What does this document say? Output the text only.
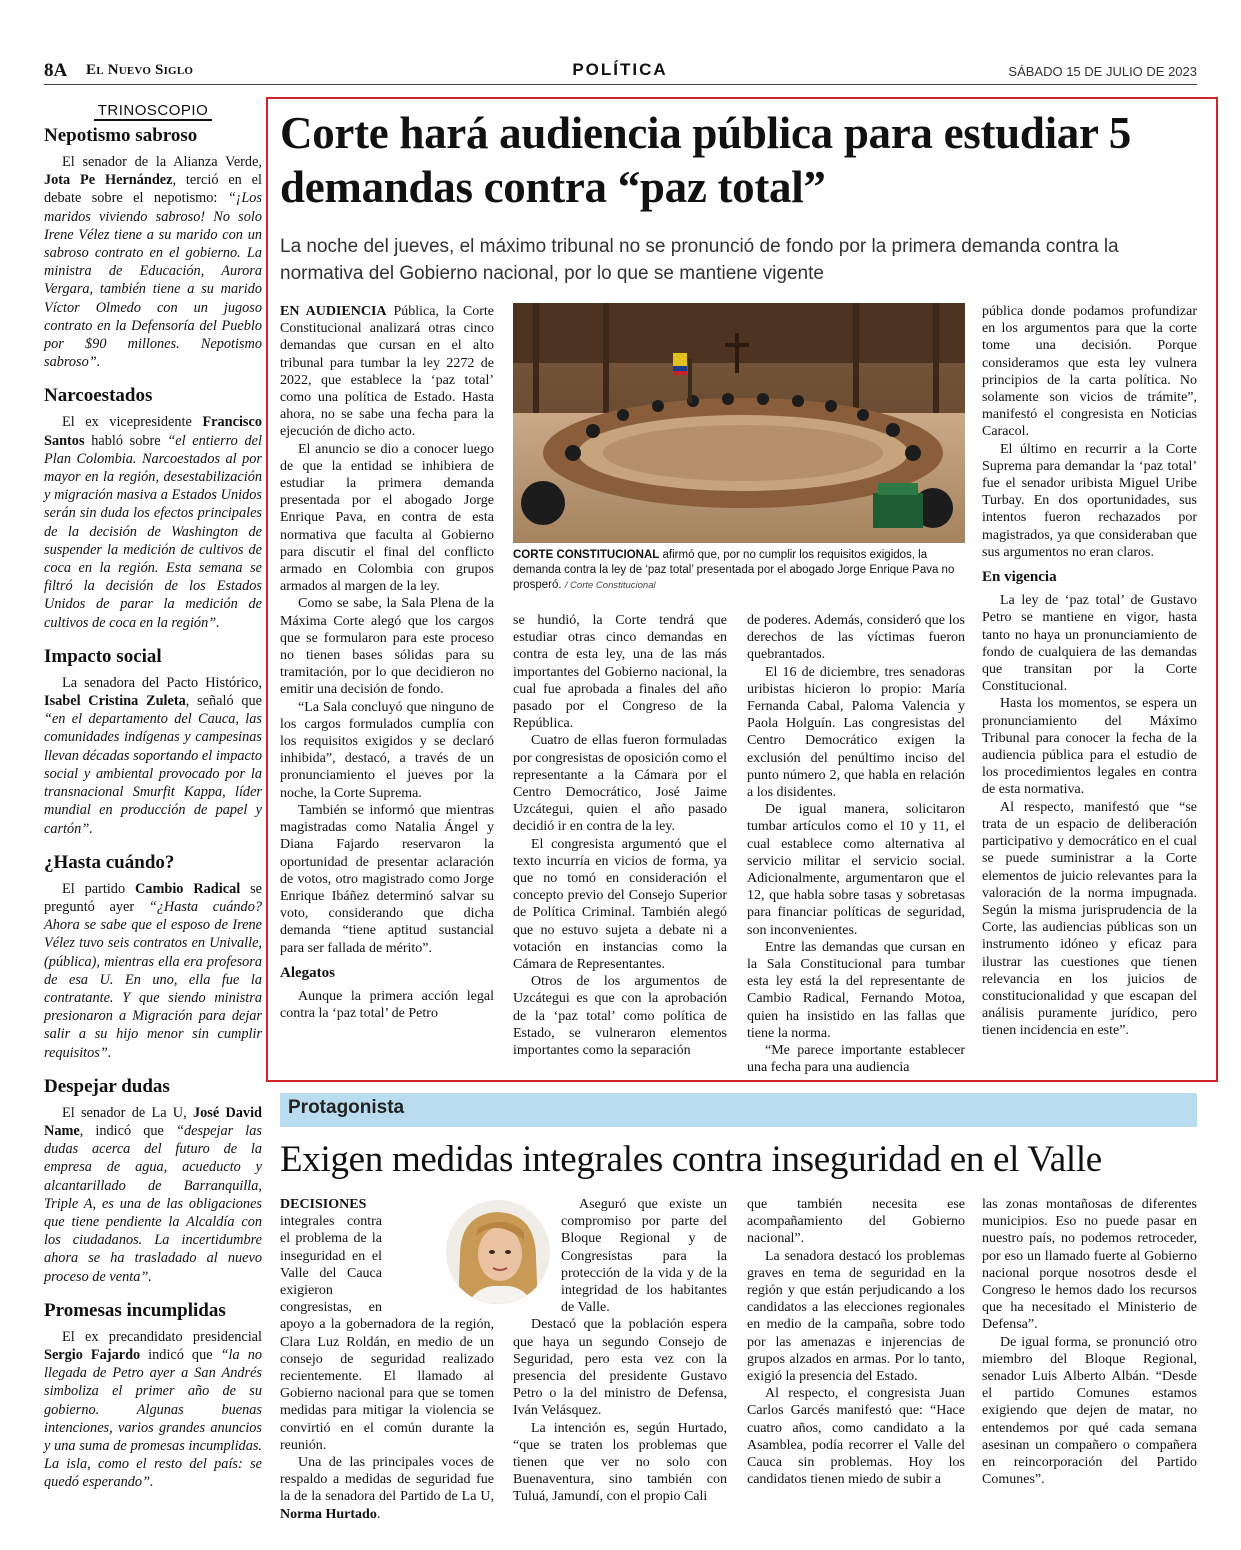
8A El Nuevo Siglo	POLÍTICA	SÁBADO 15 DE JULIO DE 2023
TRINOSCOPIO
Nepotismo sabroso
El senador de la Alianza Verde, Jota Pe Hernández, terció en el debate sobre el nepotismo: “¡Los maridos viviendo sabroso! No solo Irene Vélez tiene a su marido con un sabroso contrato en el gobierno. La ministra de Educación, Aurora Vergara, también tiene a su marido Víctor Olmedo con un jugoso contrato en la Defensoría del Pueblo por $90 millones. Nepotismo sabroso”.
Narcoestados
El ex vicepresidente Francisco Santos habló sobre “el entierro del Plan Colombia. Narcoestados al por mayor en la región, desestabilización y migración masiva a Estados Unidos serán sin duda los efectos principales de la decisión de Washington de suspender la medición de cultivos de coca en la región. Esta semana se filtró la decisión de los Estados Unidos de parar la medición de cultivos de coca en la región”.
Impacto social
La senadora del Pacto Histórico, Isabel Cristina Zuleta, señaló que “en el departamento del Cauca, las comunidades indígenas y campesinas llevan décadas soportando el impacto social y ambiental provocado por la transnacional Smurfit Kappa, líder mundial en producción de papel y cartón”.
¿Hasta cuándo?
El partido Cambio Radical se preguntó ayer “¿Hasta cuándo? Ahora se sabe que el esposo de Irene Vélez tuvo seis contratos en Univalle, (pública), mientras ella era profesora de esa U. En uno, ella fue la contratante. Y que siendo ministra presionaron a Migración para dejar salir a su hijo menor sin cumplir requisitos”.
Despejar dudas
El senador de La U, José David Name, indicó que “despejar las dudas acerca del futuro de la empresa de agua, acueducto y alcantarillado de Barranquilla, Triple A, es una de las obligaciones que tiene pendiente la Alcaldía con los ciudadanos. La incertidumbre ahora se ha trasladado al nuevo proceso de venta”.
Promesas incumplidas
El ex precandidato presidencial Sergio Fajardo indicó que “la no llegada de Petro ayer a San Andrés simboliza el primer año de su gobierno. Algunas buenas intenciones, varios grandes anuncios y una suma de promesas incumplidas. La isla, como el resto del país: se quedó esperando”.
Corte hará audiencia pública para estudiar 5 demandas contra “paz total”
La noche del jueves, el máximo tribunal no se pronunció de fondo por la primera demanda contra la normativa del Gobierno nacional, por lo que se mantiene vigente

EN AUDIENCIA Pública, la Corte Constitucional analizará otras cinco demandas que cursan en el alto tribunal para tumbar la ley 2272 de 2022, que establece la ‘paz total’ como una política de Estado. Hasta ahora, no se sabe una fecha para la ejecución de dicho acto.

El anuncio se dio a conocer luego de que la entidad se inhibiera de estudiar la primera demanda presentada por el abogado Jorge Enrique Pava, en contra de esta normativa que faculta al Gobierno para discutir el final del conflicto armado en Colombia con grupos armados al margen de la ley.

Como se sabe, la Sala Plena de la Máxima Corte alegó que los cargos que se formularon para este proceso no tienen bases sólidas para su tramitación, por lo que decidieron no emitir una decisión de fondo.

“La Sala concluyó que ninguno de los cargos formulados cumplía con los requisitos exigidos y se declaró inhibida”, destacó, a través de un pronunciamiento el jueves por la noche, la Corte Suprema.

También se informó que mientras magistradas como Natalia Ángel y Diana Fajardo reservaron la oportunidad de presentar aclaración de votos, otro magistrado como Jorge Enrique Ibáñez determinó salvar su voto, considerando que dicha demanda “tiene aptitud sustancial para ser fallada de mérito”.

Alegatos

Aunque la primera acción legal contra la ‘paz total’ de Petro

CORTE CONSTITUCIONAL afirmó que, por no cumplir los requisitos exigidos, la demanda contra la ley de ‘paz total’ presentada por el abogado Jorge Enrique Pava no prosperó. / Corte Constitucional

se hundió, la Corte tendrá que estudiar otras cinco demandas en contra de esta ley, una de las más importantes del Gobierno nacional, la cual fue aprobada a finales del año pasado por el Congreso de la República.

Cuatro de ellas fueron formuladas por congresistas de oposición como el representante a la Cámara por el Centro Democrático, José Jaime Uzcátegui, quien el año pasado decidió ir en contra de la ley.

El congresista argumentó que el texto incurría en vicios de forma, ya que no tomó en consideración el concepto previo del Consejo Superior de Política Criminal. También alegó que no estuvo sujeta a debate ni a votación en instancias como la Cámara de Representantes.

Otros de los argumentos de Uzcátegui es que con la aprobación de la ‘paz total’ como política de Estado, se vulneraron elementos importantes como la separación

de poderes. Además, consideró que los derechos de las víctimas fueron quebrantados.

El 16 de diciembre, tres senadoras uribistas hicieron lo propio: María Fernanda Cabal, Paloma Valencia y Paola Holguín. Las congresistas del Centro Democrático exigen la exclusión del penúltimo inciso del punto número 2, que habla en relación a los disidentes.

De igual manera, solicitaron tumbar artículos como el 10 y 11, el cual establece como alternativa al servicio militar el servicio social. Adicionalmente, argumentaron que el 12, que habla sobre tasas y sobretasas para financiar políticas de seguridad, son inconvenientes.

Entre las demandas que cursan en la Sala Constitucional para tumbar esta ley está la del representante de Cambio Radical, Fernando Motoa, quien ha insistido en las fallas que tiene la norma.

“Me parece importante establecer una fecha para una audiencia

pública donde podamos profundizar en los argumentos para que la corte tome una decisión. Porque consideramos que esta ley vulnera principios de la carta política. No solamente son vicios de trámite”, manifestó el congresista en Noticias Caracol.

El último en recurrir a la Corte Suprema para demandar la ‘paz total’ fue el senador uribista Miguel Uribe Turbay. En dos oportunidades, sus intentos fueron rechazados por magistrados, ya que consideraban que sus argumentos no eran claros.

En vigencia

La ley de ‘paz total’ de Gustavo Petro se mantiene en vigor, hasta tanto no haya un pronunciamiento de fondo de cualquiera de las demandas que transitan por la Corte Constitucional.

Hasta los momentos, se espera un pronunciamiento del Máximo Tribunal para conocer la fecha de la audiencia pública para el estudio de los procedimientos legales en contra de esta normativa.

Al respecto, manifestó que “se trata de un espacio de deliberación participativo y democrático en el cual se puede suministrar a la Corte elementos de juicio relevantes para la valoración de la norma impugnada. Según la misma jurisprudencia de la Corte, las audiencias públicas son un instrumento idóneo y eficaz para ilustrar las cuestiones que tienen relevancia en los juicios de constitucionalidad y que escapan del análisis puramente jurídico, pero tienen incidencia en este”.

Protagonista
Exigen medidas integrales contra inseguridad en el Valle

DECISIONES integrales contra el problema de la inseguridad en el Valle del Cauca exigieron congresistas, en apoyo a la gobernadora de la región, Clara Luz Roldán, en medio de un consejo de seguridad realizado recientemente. El llamado al Gobierno nacional para que se tomen medidas para mitigar la violencia se convirtió en el común durante la reunión.

Una de las principales voces de respaldo a medidas de seguridad fue la de la senadora del Partido de La U, Norma Hurtado.

Aseguró que existe un compromiso por parte del Bloque Regional y de Congresistas para la protección de la vida y de la integridad de los habitantes de Valle.

Destacó que la población espera que haya un segundo Consejo de Seguridad, pero esta vez con la presencia del presidente Gustavo Petro o la del ministro de Defensa, Iván Velásquez.

La intención es, según Hurtado, “que se traten los problemas que tienen que ver no solo con Buenaventura, sino también con Tuluá, Jamundí, con el propio Cali

que también necesita ese acompañamiento del Gobierno nacional”.

La senadora destacó los problemas graves en tema de seguridad en la región y que están perjudicando a los candidatos a las elecciones regionales en medio de la campaña, sobre todo por las amenazas e injerencias de grupos alzados en armas. Por lo tanto, exigió la presencia del Estado.

Al respecto, el congresista Juan Carlos Garcés manifestó que: “Hace cuatro años, como candidato a la Asamblea, podía recorrer el Valle del Cauca sin problemas. Hoy los candidatos tienen miedo de subir a

las zonas montañosas de diferentes municipios. Eso no puede pasar en nuestro país, no podemos retroceder, por eso un llamado fuerte al Gobierno nacional porque nosotros desde el Congreso le hemos dado los recursos que ha necesitado el Ministerio de Defensa”.

De igual forma, se pronunció otro miembro del Bloque Regional, senador Luis Alberto Albán. “Desde el partido Comunes estamos exigiendo que dejen de matar, no entendemos por qué cada semana asesinan un compañero o compañera en reincorporación del Partido Comunes”.
